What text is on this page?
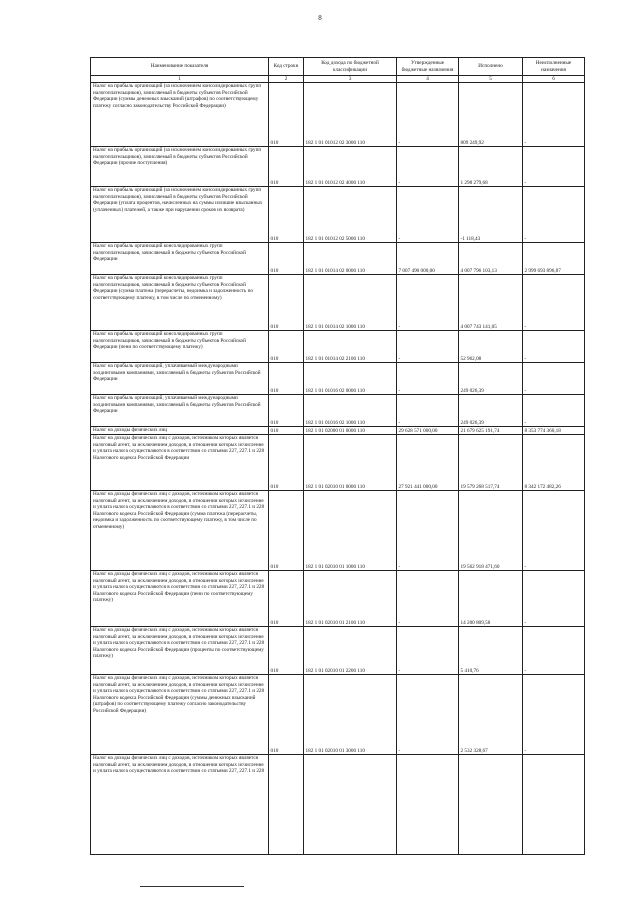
8
Наименование показателя	Код строки	Код дохода по бюджетной классификации	Утвержденные бюджетные назначения	Исполнено	Неисполненные назначения
1	2	3	4	5	6
Налог на прибыль организаций (за исключением консолидированных групп налогоплательщиков), зачисляемый в бюджеты субъектов Российской Федерации (суммы денежных взысканий (штрафов) по соответствующему платежу согласно законодательству Российской Федерации)	010	182 1 01 01012 02 3000 110	-	809 249,92	-
Налог на прибыль организаций (за исключением консолидированных групп налогоплательщиков), зачисляемый в бюджеты субъектов Российской Федерации (прочие поступления)	010	182 1 01 01012 02 4000 110	-	1 298 279,68	-
Налог на прибыль организаций (за исключением консолидированных групп налогоплательщиков), зачисляемый в бюджеты субъектов Российской Федерации (уплата процентов, начисленных на суммы излишне взысканных (уплаченных) платежей, а также при нарушении сроков их возврата)	010	182 1 01 01012 02 5000 110	-	-1 118,43	-
Налог на прибыль организаций консолидированных групп налогоплательщиков, зачисляемый в бюджеты субъектов Российской Федерации	010	182 1 01 01014 02 0000 110	7 007 490 000,00	4 007 796 103,13	2 999 693 896,87
Налог на прибыль организаций консолидированных групп налогоплательщиков, зачисляемый в бюджеты субъектов Российской Федерации (сумма платежа (перерасчеты, недоимка и задолженность по соответствующему платежу, в том числе по отмененному)	010	182 1 01 01014 02 1000 110	-	4 007 743 141,05	-
Налог на прибыль организаций консолидированных групп налогоплательщиков, зачисляемый в бюджеты субъектов Российской Федерации (пени по соответствующему платежу)	010	182 1 01 01014 02 2100 110	-	52 962,08	-
Налог на прибыль организаций, уплачиваемый международными холдинговыми компаниями, зачисляемый в бюджеты субъектов Российской Федерации	010	182 1 01 01016 02 0000 110	-	249 026,39	-
Налог на прибыль организаций, уплачиваемый международными холдинговыми компаниями, зачисляемый в бюджеты субъектов Российской Федерации	010	182 1 01 01016 02 1000 110	-	249 026,39	-
Налог на доходы физических лиц	010	182 1 01 02000 01 0000 110	29 628 571 000,00	21 679 625 191,74	8 353 774 360,18
Налог на доходы физических лиц с доходов, источником которых является налоговый агент, за исключением доходов, в отношении которых исчисление и уплата налога осуществляются в соответствии со статьями 227, 227.1 и 228 Налогового кодекса Российской Федерации	010	182 1 01 02010 01 0000 110	27 921 441 000,00	19 579 268 517,74	8 342 172 482,26
Налог на доходы физических лиц с доходов, источником которых является налоговый агент, за исключением доходов, в отношении которых исчисление и уплата налога осуществляются в соответствии со статьями 227, 227.1 и 228 Налогового кодекса Российской Федерации (сумма платежа (перерасчеты, недоимка и задолженность по соответствующему платежу, в том числе по отмененному)	010	182 1 01 02010 01 1000 110	-	19 562 918 471,60	-
Налог на доходы физических лиц с доходов, источником которых является налоговый агент, за исключением доходов, в отношении которых исчисление и уплата налога осуществляются в соответствии со статьями 227, 227.1 и 228 Налогового кодекса Российской Федерации (пени по соответствующему платежу)	010	182 1 01 02010 01 2100 110	-	14 200 809,58	-
Налог на доходы физических лиц с доходов, источником которых является налоговый агент, за исключением доходов, в отношении которых исчисление и уплата налога осуществляются в соответствии со статьями 227, 227.1 и 228 Налогового кодекса Российской Федерации (проценты по соответствующему платежу)	010	182 1 01 02010 01 2200 110	-	5 410,76	-
Налог на доходы физических лиц с доходов, источником которых является налоговый агент, за исключением доходов, в отношении которых исчисление и уплата налога осуществляются в соответствии со статьями 227, 227.1 и 228 Налогового кодекса Российской Федерации (суммы денежных взысканий (штрафов) по соответствующему платежу согласно законодательству Российской Федерации)	010	182 1 01 02010 01 3000 110	-	2 532 328,67	-
Налог на доходы физических лиц с доходов, источником которых является налоговый агент, за исключением доходов, в отношении которых исчисление и уплата налога осуществляются в соответствии со статьями 227, 227.1 и 228					
